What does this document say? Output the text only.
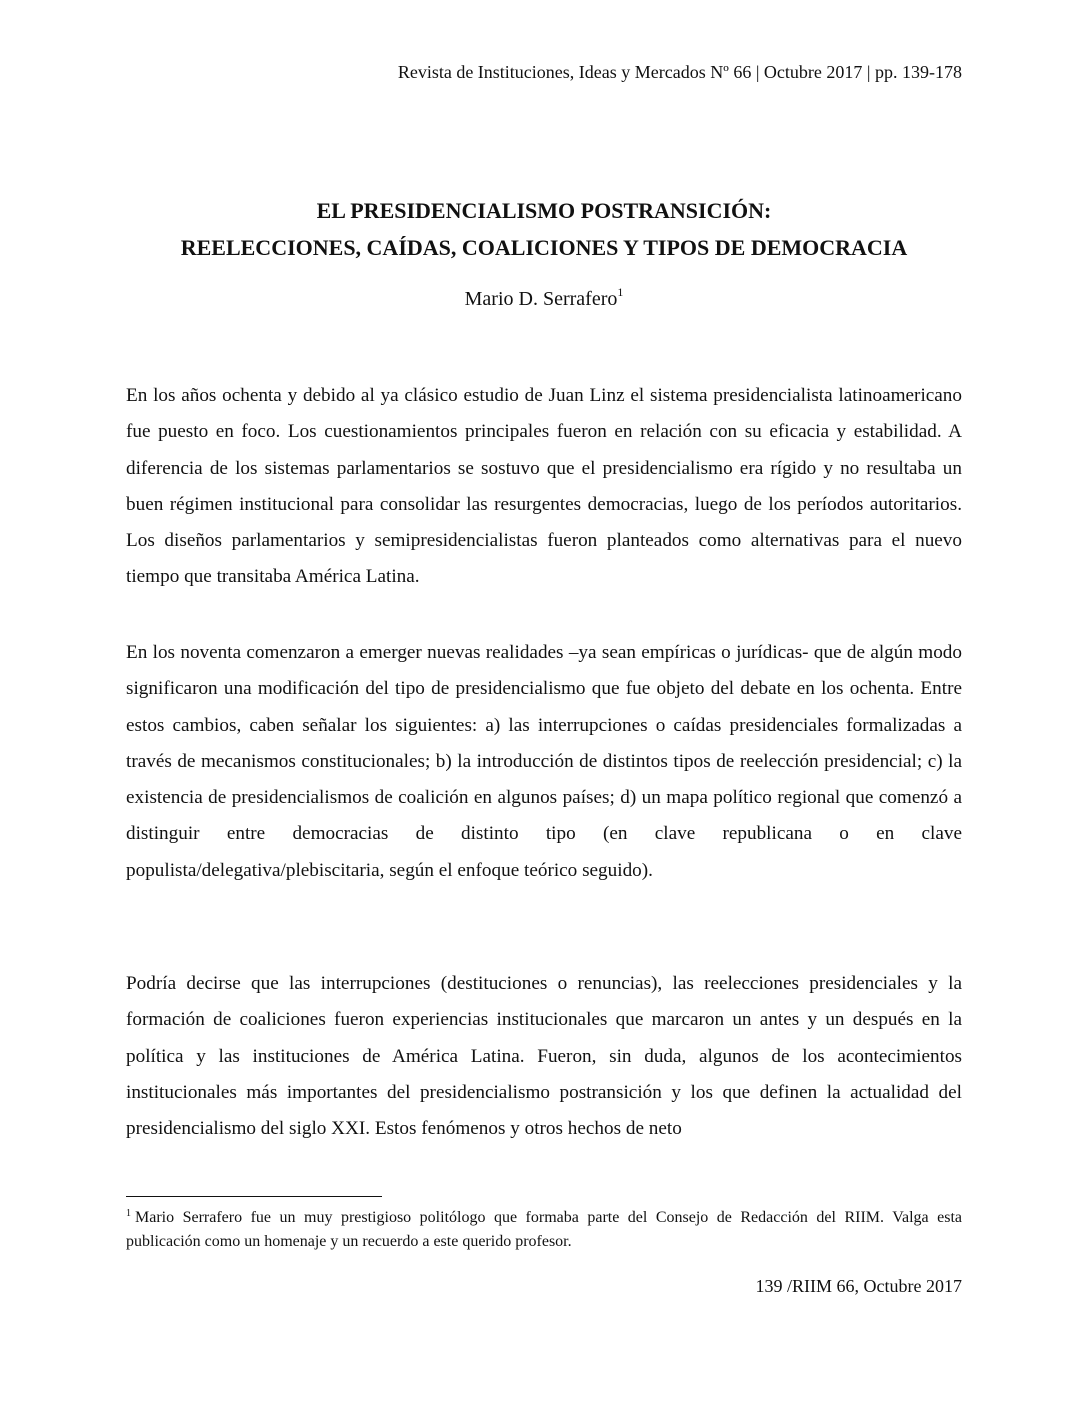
Revista de Instituciones, Ideas y Mercados Nº 66 | Octubre 2017 | pp. 139-178
EL PRESIDENCIALISMO POSTRANSICIÓN:
REELECCIONES, CAÍDAS, COALICIONES Y TIPOS DE DEMOCRACIA
Mario D. Serrafero$^1$

En los años ochenta y debido al ya clásico estudio de Juan Linz el sistema presidencialista latinoamericano fue puesto en foco. Los cuestionamientos principales fueron en relación con su eficacia y estabilidad. A diferencia de los sistemas parlamentarios se sostuvo que el presidencialismo era rígido y no resultaba un buen régimen institucional para consolidar las resurgentes democracias, luego de los períodos autoritarios. Los diseños parlamentarios y semipresidencialistas fueron planteados como alternativas para el nuevo tiempo que transitaba América Latina.

En los noventa comenzaron a emerger nuevas realidades –ya sean empíricas o jurídicas- que de algún modo significaron una modificación del tipo de presidencialismo que fue objeto del debate en los ochenta. Entre estos cambios, caben señalar los siguientes: a) las interrupciones o caídas presidenciales formalizadas a través de mecanismos constitucionales; b) la introducción de distintos tipos de reelección presidencial; c) la existencia de presidencialismos de coalición en algunos países; d) un mapa político regional que comenzó a distinguir entre democracias de distinto tipo (en clave republicana o en clave populista/delegativa/plebiscitaria, según el enfoque teórico seguido).

Podría decirse que las interrupciones (destituciones o renuncias), las reelecciones presidenciales y la formación de coaliciones fueron experiencias institucionales que marcaron un antes y un después en la política y las instituciones de América Latina. Fueron, sin duda, algunos de los acontecimientos institucionales más importantes del presidencialismo postransición y los que definen la actualidad del presidencialismo del siglo XXI. Estos fenómenos y otros hechos de neto

$^1$ Mario Serrafero fue un muy prestigioso politólogo que formaba parte del Consejo de Redacción del RIIM. Valga esta publicación como un homenaje y un recuerdo a este querido profesor.

139 /RIIM 66, Octubre 2017
